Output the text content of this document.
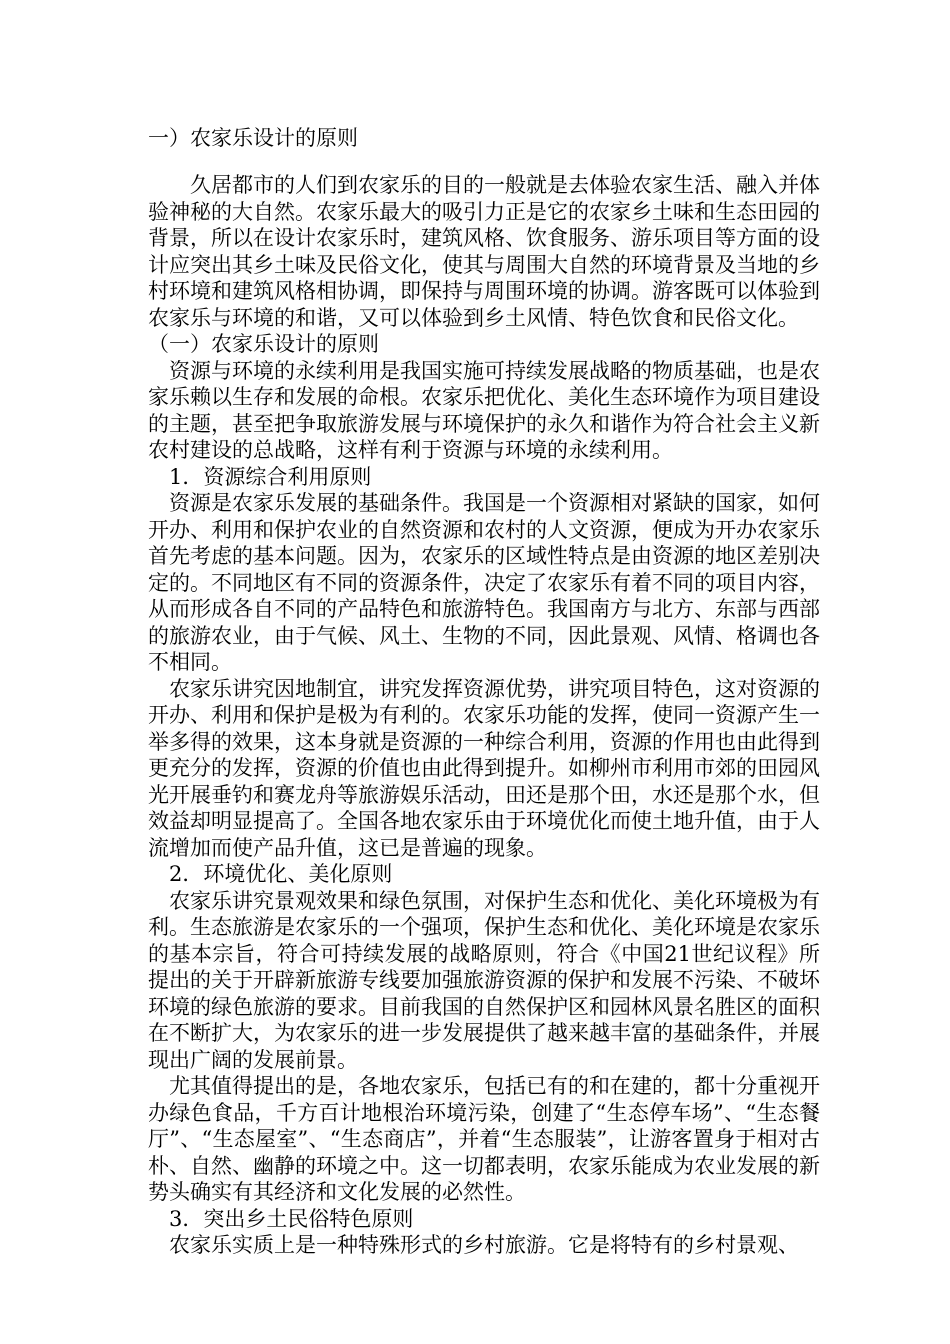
一）农家乐设计的原则

久居都市的人们到农家乐的目的一般就是去体验农家生活、融入并体验神秘的大自然。农家乐最大的吸引力正是它的农家乡土味和生态田园的背景，所以在设计农家乐时，建筑风格、饮食服务、游乐项目等方面的设计应突出其乡土味及民俗文化，使其与周围大自然的环境背景及当地的乡村环境和建筑风格相协调，即保持与周围环境的协调。游客既可以体验到农家乐与环境的和谐，又可以体验到乡土风情、特色饮食和民俗文化。

（一）农家乐设计的原则

资源与环境的永续利用是我国实施可持续发展战略的物质基础，也是农家乐赖以生存和发展的命根。农家乐把优化、美化生态环境作为项目建设的主题，甚至把争取旅游发展与环境保护的永久和谐作为符合社会主义新农村建设的总战略，这样有利于资源与环境的永续利用。

1．资源综合利用原则

资源是农家乐发展的基础条件。我国是一个资源相对紧缺的国家，如何开办、利用和保护农业的自然资源和农村的人文资源，便成为开办农家乐首先考虑的基本问题。因为，农家乐的区域性特点是由资源的地区差别决定的。不同地区有不同的资源条件，决定了农家乐有着不同的项目内容，从而形成各自不同的产品特色和旅游特色。我国南方与北方、东部与西部的旅游农业，由于气候、风土、生物的不同，因此景观、风情、格调也各不相同。

农家乐讲究因地制宜，讲究发挥资源优势，讲究项目特色，这对资源的开办、利用和保护是极为有利的。农家乐功能的发挥，使同一资源产生一举多得的效果，这本身就是资源的一种综合利用，资源的作用也由此得到更充分的发挥，资源的价值也由此得到提升。如柳州市利用市郊的田园风光开展垂钓和赛龙舟等旅游娱乐活动，田还是那个田，水还是那个水，但效益却明显提高了。全国各地农家乐由于环境优化而使土地升值，由于人流增加而使产品升值，这已是普遍的现象。

2．环境优化、美化原则

农家乐讲究景观效果和绿色氛围，对保护生态和优化、美化环境极为有利。生态旅游是农家乐的一个强项，保护生态和优化、美化环境是农家乐的基本宗旨，符合可持续发展的战略原则，符合《中国21世纪议程》所提出的关于开辟新旅游专线要加强旅游资源的保护和发展不污染、不破坏环境的绿色旅游的要求。目前我国的自然保护区和园林风景名胜区的面积在不断扩大，为农家乐的进一步发展提供了越来越丰富的基础条件，并展现出广阔的发展前景。

尤其值得提出的是，各地农家乐，包括已有的和在建的，都十分重视开办绿色食品，千方百计地根治环境污染，创建了“生态停车场”、“生态餐厅”、“生态屋室”、“生态商店”，并着“生态服装”，让游客置身于相对古朴、自然、幽静的环境之中。这一切都表明，农家乐能成为农业发展的新势头确实有其经济和文化发展的必然性。

3．突出乡土民俗特色原则

农家乐实质上是一种特殊形式的乡村旅游。它是将特有的乡村景观、
